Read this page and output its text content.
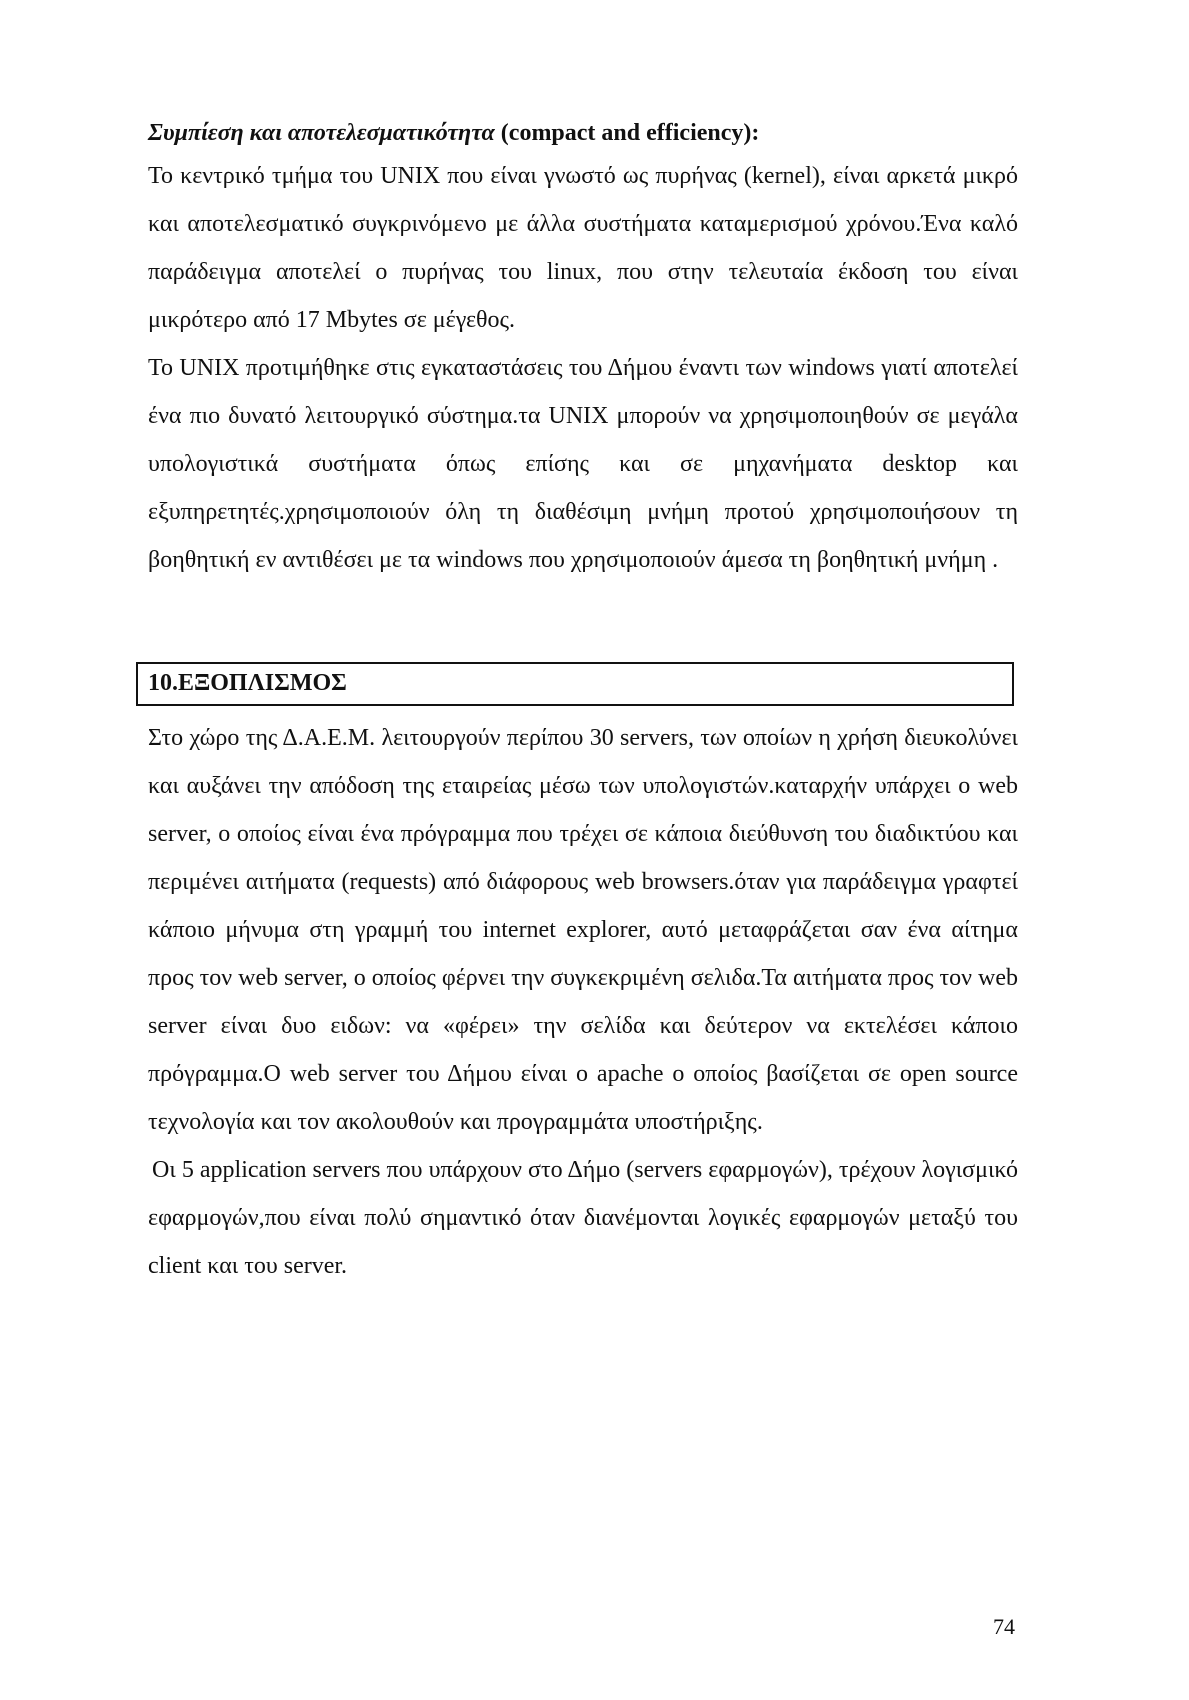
Συμπίεση και αποτελεσματικότητα (compact and efficiency):

Το κεντρικό τμήμα του UNIX που είναι γνωστό ως πυρήνας (kernel), είναι αρκετά μικρό και αποτελεσματικό συγκρινόμενο με άλλα συστήματα καταμερισμού χρόνου.Ένα καλό παράδειγμα αποτελεί ο πυρήνας του linux, που στην τελευταία έκδοση του είναι μικρότερο από 17 Mbytes σε μέγεθος.

Το UNIX προτιμήθηκε στις εγκαταστάσεις του Δήμου έναντι των windows γιατί αποτελεί ένα πιο δυνατό λειτουργικό σύστημα.τα UNIX μπορούν να χρησιμοποιηθούν σε μεγάλα υπολογιστικά συστήματα όπως επίσης και σε μηχανήματα desktop και εξυπηρετητές.χρησιμοποιούν όλη τη διαθέσιμη μνήμη προτού χρησιμοποιήσουν τη βοηθητική εν αντιθέσει με τα windows που χρησιμοποιούν άμεσα τη βοηθητική μνήμη .

10.ΕΞΟΠΛΙΣΜΟΣ

Στο χώρο της Δ.Α.Ε.Μ. λειτουργούν περίπου 30 servers, των οποίων η χρήση διευκολύνει και αυξάνει την απόδοση της εταιρείας μέσω των υπολογιστών.καταρχήν υπάρχει ο web server, ο οποίος είναι ένα πρόγραμμα που τρέχει σε κάποια διεύθυνση του διαδικτύου και περιμένει αιτήματα (requests) από διάφορους web browsers.όταν για παράδειγμα γραφτεί κάποιο μήνυμα στη γραμμή του internet explorer, αυτό μεταφράζεται σαν ένα αίτημα προς τον web server, ο οποίος φέρνει την συγκεκριμένη σελιδα.Τα αιτήματα προς τον web server είναι δυο ειδων: να «φέρει» την σελίδα και δεύτερον να εκτελέσει κάποιο πρόγραμμα.Ο web server του Δήμου είναι ο apache ο οποίος βασίζεται σε open source τεχνολογία και τον ακολουθούν και προγραμμάτα υποστήριξης.

Οι 5 application servers που υπάρχουν στο Δήμο (servers εφαρμογών), τρέχουν λογισμικό εφαρμογών,που είναι πολύ σημαντικό όταν διανέμονται λογικές εφαρμογών μεταξύ του client και του server.

74
